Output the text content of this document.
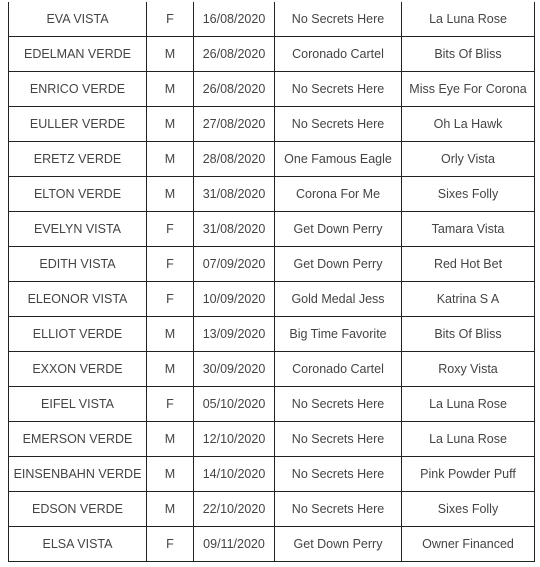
EVA VISTA	F	16/08/2020	No Secrets Here	La Luna Rose
EDELMAN VERDE	M	26/08/2020	Coronado Cartel	Bits Of Bliss
ENRICO VERDE	M	26/08/2020	No Secrets Here	Miss Eye For Corona
EULLER VERDE	M	27/08/2020	No Secrets Here	Oh La Hawk
ERETZ VERDE	M	28/08/2020	One Famous Eagle	Orly Vista
ELTON VERDE	M	31/08/2020	Corona For Me	Sixes Folly
EVELYN VISTA	F	31/08/2020	Get Down Perry	Tamara Vista
EDITH VISTA	F	07/09/2020	Get Down Perry	Red Hot Bet
ELEONOR VISTA	F	10/09/2020	Gold Medal Jess	Katrina S A
ELLIOT VERDE	M	13/09/2020	Big Time Favorite	Bits Of Bliss
EXXON VERDE	M	30/09/2020	Coronado Cartel	Roxy Vista
EIFEL VISTA	F	05/10/2020	No Secrets Here	La Luna Rose
EMERSON VERDE	M	12/10/2020	No Secrets Here	La Luna Rose
EINSENBAHN VERDE	M	14/10/2020	No Secrets Here	Pink Powder Puff
EDSON VERDE	M	22/10/2020	No Secrets Here	Sixes Folly
ELSA VISTA	F	09/11/2020	Get Down Perry	Owner Financed
